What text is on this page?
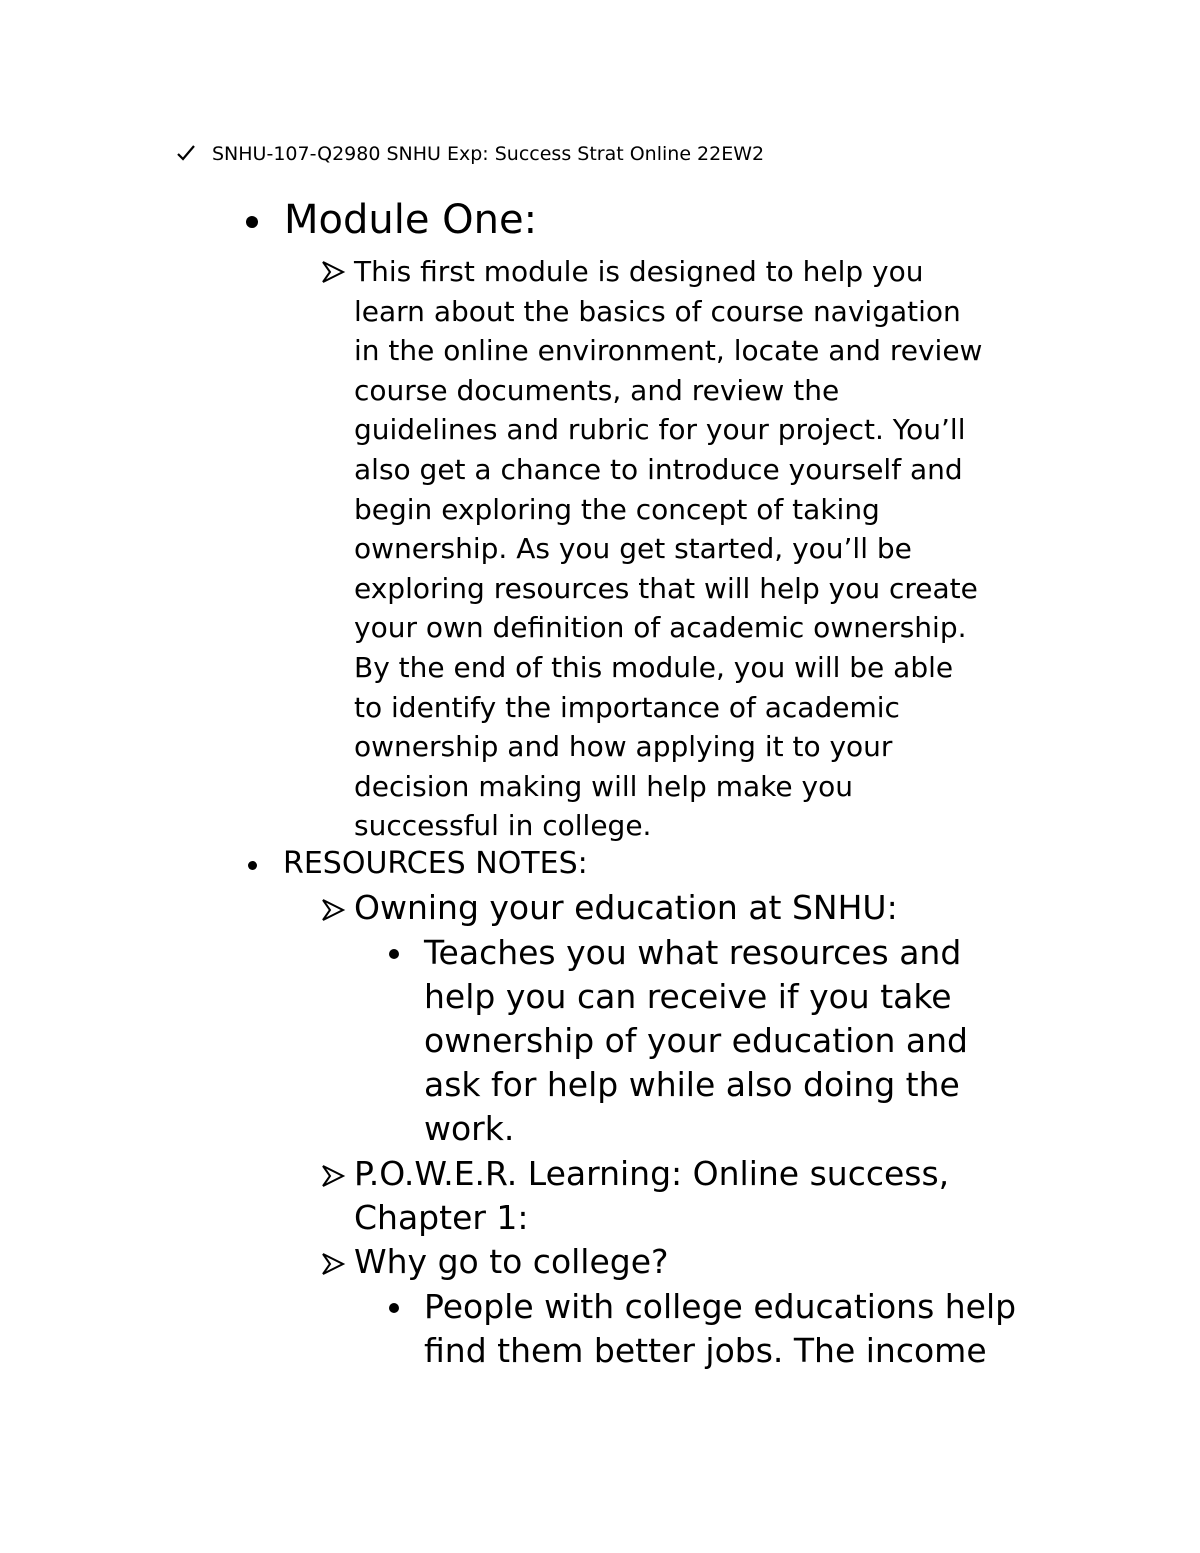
SNHU-107-Q2980 SNHU Exp: Success Strat Online 22EW2
Module One:
This first module is designed to help you
learn about the basics of course navigation
in the online environment, locate and review
course documents, and review the
guidelines and rubric for your project. You’ll
also get a chance to introduce yourself and
begin exploring the concept of taking
ownership. As you get started, you’ll be
exploring resources that will help you create
your own definition of academic ownership.
By the end of this module, you will be able
to identify the importance of academic
ownership and how applying it to your
decision making will help make you
successful in college.
RESOURCES NOTES:
Owning your education at SNHU:
Teaches you what resources and
help you can receive if you take
ownership of your education and
ask for help while also doing the
work.
P.O.W.E.R. Learning: Online success,
Chapter 1:
Why go to college?
People with college educations help
find them better jobs. The income
